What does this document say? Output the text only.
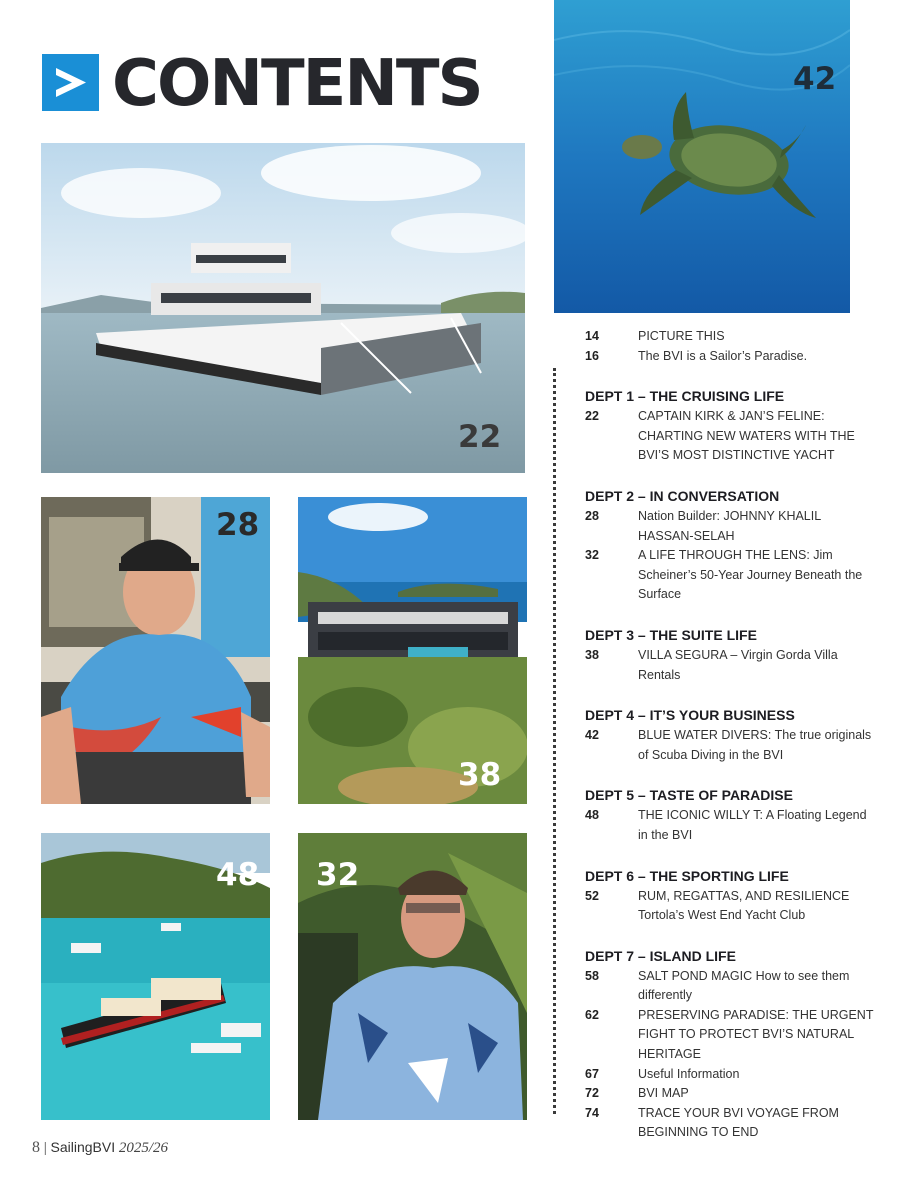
CONTENTS	42
22
28
38
48 32
14	PICTURE THIS
16	The BVI is a Sailor’s Paradise.
DEPT 1 – THE CRUISING LIFE
22	CAPTAIN KIRK & JAN’S FELINE: CHARTING NEW WATERS WITH THE BVI’S MOST DISTINCTIVE YACHT
DEPT 2 – IN CONVERSATION
28	Nation Builder: JOHNNY KHALIL HASSAN-SELAH
32	A LIFE THROUGH THE LENS: Jim Scheiner’s 50-Year Journey Beneath the Surface
DEPT 3 – THE SUITE LIFE
38	VILLA SEGURA – Virgin Gorda Villa Rentals
DEPT 4 – IT’S YOUR BUSINESS
42	BLUE WATER DIVERS: The true originals of Scuba Diving in the BVI
DEPT 5 – TASTE OF PARADISE
48	THE ICONIC WILLY T: A Floating Legend in the BVI
DEPT 6 – THE SPORTING LIFE
52	RUM, REGATTAS, AND RESILIENCE Tortola’s West End Yacht Club
DEPT 7 – ISLAND LIFE
58	SALT POND MAGIC How to see them differently
62	PRESERVING PARADISE: THE URGENT FIGHT TO PROTECT BVI’S NATURAL HERITAGE
67	Useful Information
72	BVI MAP
74	TRACE YOUR BVI VOYAGE FROM BEGINNING TO END
8 | SailingBVI 2025/26
